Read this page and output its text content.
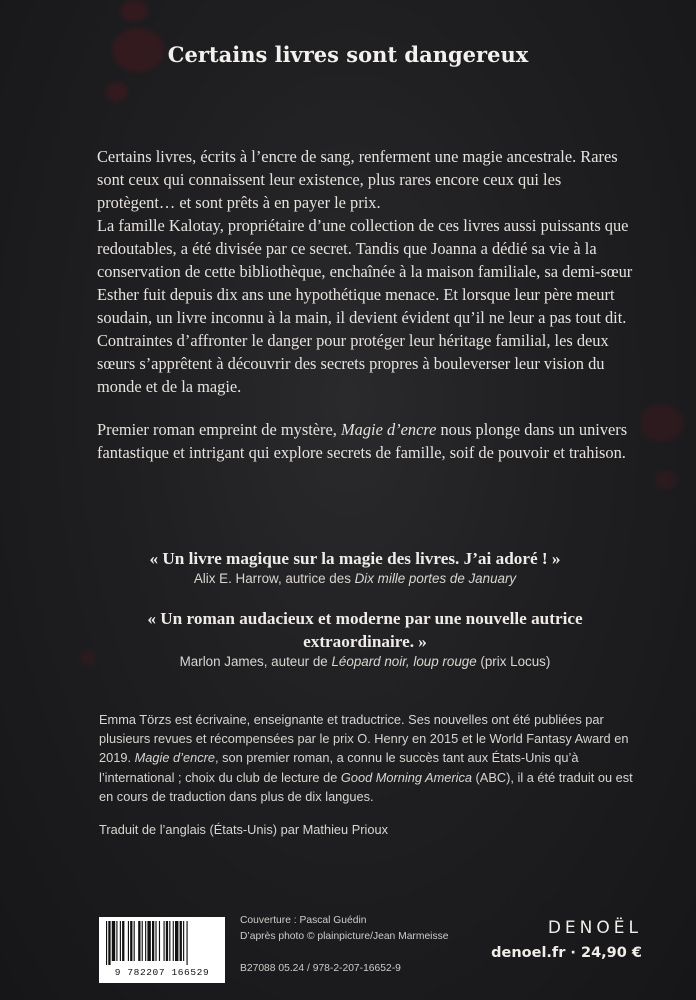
Certains livres sont dangereux

Certains livres, écrits à l’encre de sang, renferment une magie ancestrale. Rares sont ceux qui connaissent leur existence, plus rares encore ceux qui les protègent… et sont prêts à en payer le prix.

La famille Kalotay, propriétaire d’une collection de ces livres aussi puissants que redoutables, a été divisée par ce secret. Tandis que Joanna a dédié sa vie à la conservation de cette bibliothèque, enchaînée à la maison familiale, sa demi-sœur Esther fuit depuis dix ans une hypothétique menace. Et lorsque leur père meurt soudain, un livre inconnu à la main, il devient évident qu’il ne leur a pas tout dit.

Contraintes d’affronter le danger pour protéger leur héritage familial, les deux sœurs s’apprêtent à découvrir des secrets propres à bouleverser leur vision du monde et de la magie.

Premier roman empreint de mystère, Magie d’encre nous plonge dans un univers fantastique et intrigant qui explore secrets de famille, soif de pouvoir et trahison.

« Un livre magique sur la magie des livres. J’ai adoré ! »
Alix E. Harrow, autrice des Dix mille portes de January
« Un roman audacieux et moderne par une nouvelle autrice extraordinaire. »
Marlon James, auteur de Léopard noir, loup rouge (prix Locus)

Emma Törzs est écrivaine, enseignante et traductrice. Ses nouvelles ont été publiées par plusieurs revues et récompensées par le prix O. Henry en 2015 et le World Fantasy Award en 2019. Magie d’encre, son premier roman, a connu le succès tant aux États-Unis qu’à l’international ; choix du club de lecture de Good Morning America (ABC), il a été traduit ou est en cours de traduction dans plus de dix langues.

Traduit de l’anglais (États-Unis) par Mathieu Prioux
9 782207 166529
Couverture : Pascal Guédin
D’après photo © plainpicture/Jean Marmeisse
B27088 05.24 / 978-2-207-16652-9
DENOËL
denoel.fr · 24,90 €
